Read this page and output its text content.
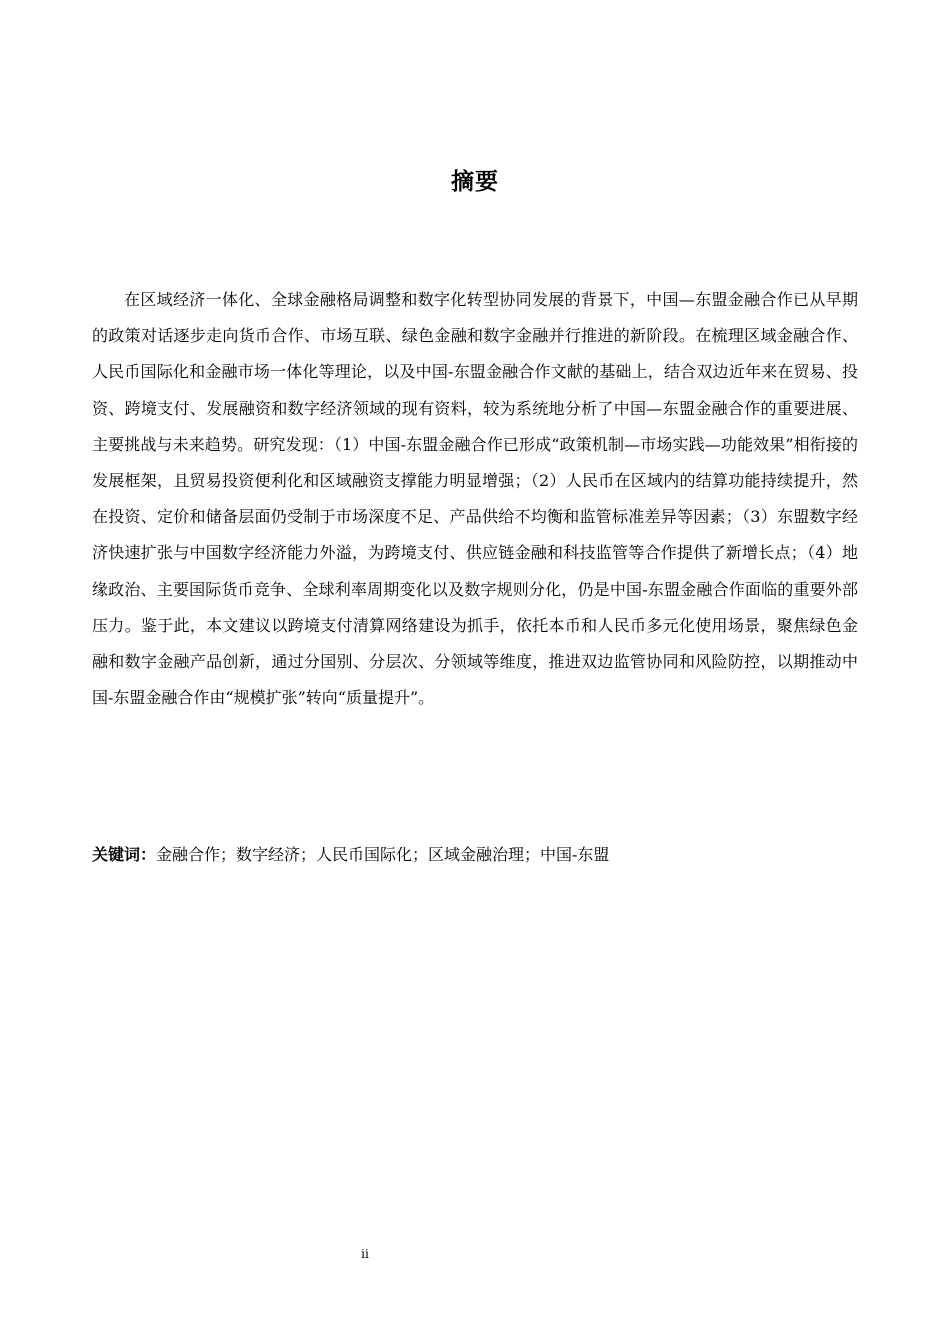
摘要

在区域经济一体化、全球金融格局调整和数字化转型协同发展的背景下，中国—东盟金融合作已从早期的政策对话逐步走向货币合作、市场互联、绿色金融和数字金融并行推进的新阶段。在梳理区域金融合作、人民币国际化和金融市场一体化等理论，以及中国-东盟金融合作文献的基础上，结合双边近年来在贸易、投资、跨境支付、发展融资和数字经济领域的现有资料，较为系统地分析了中国—东盟金融合作的重要进展、主要挑战与未来趋势。研究发现：（1）中国-东盟金融合作已形成“政策机制—市场实践—功能效果”相衔接的发展框架，且贸易投资便利化和区域融资支撑能力明显增强；（2）人民币在区域内的结算功能持续提升，然在投资、定价和储备层面仍受制于市场深度不足、产品供给不均衡和监管标准差异等因素；（3）东盟数字经济快速扩张与中国数字经济能力外溢，为跨境支付、供应链金融和科技监管等合作提供了新增长点；（4）地缘政治、主要国际货币竞争、全球利率周期变化以及数字规则分化，仍是中国-东盟金融合作面临的重要外部压力。鉴于此，本文建议以跨境支付清算网络建设为抓手，依托本币和人民币多元化使用场景，聚焦绿色金融和数字金融产品创新，通过分国别、分层次、分领域等维度，推进双边监管协同和风险防控，以期推动中国-东盟金融合作由“规模扩张”转向“质量提升”。

关键词：金融合作；数字经济；人民币国际化；区域金融治理；中国-东盟

ii
